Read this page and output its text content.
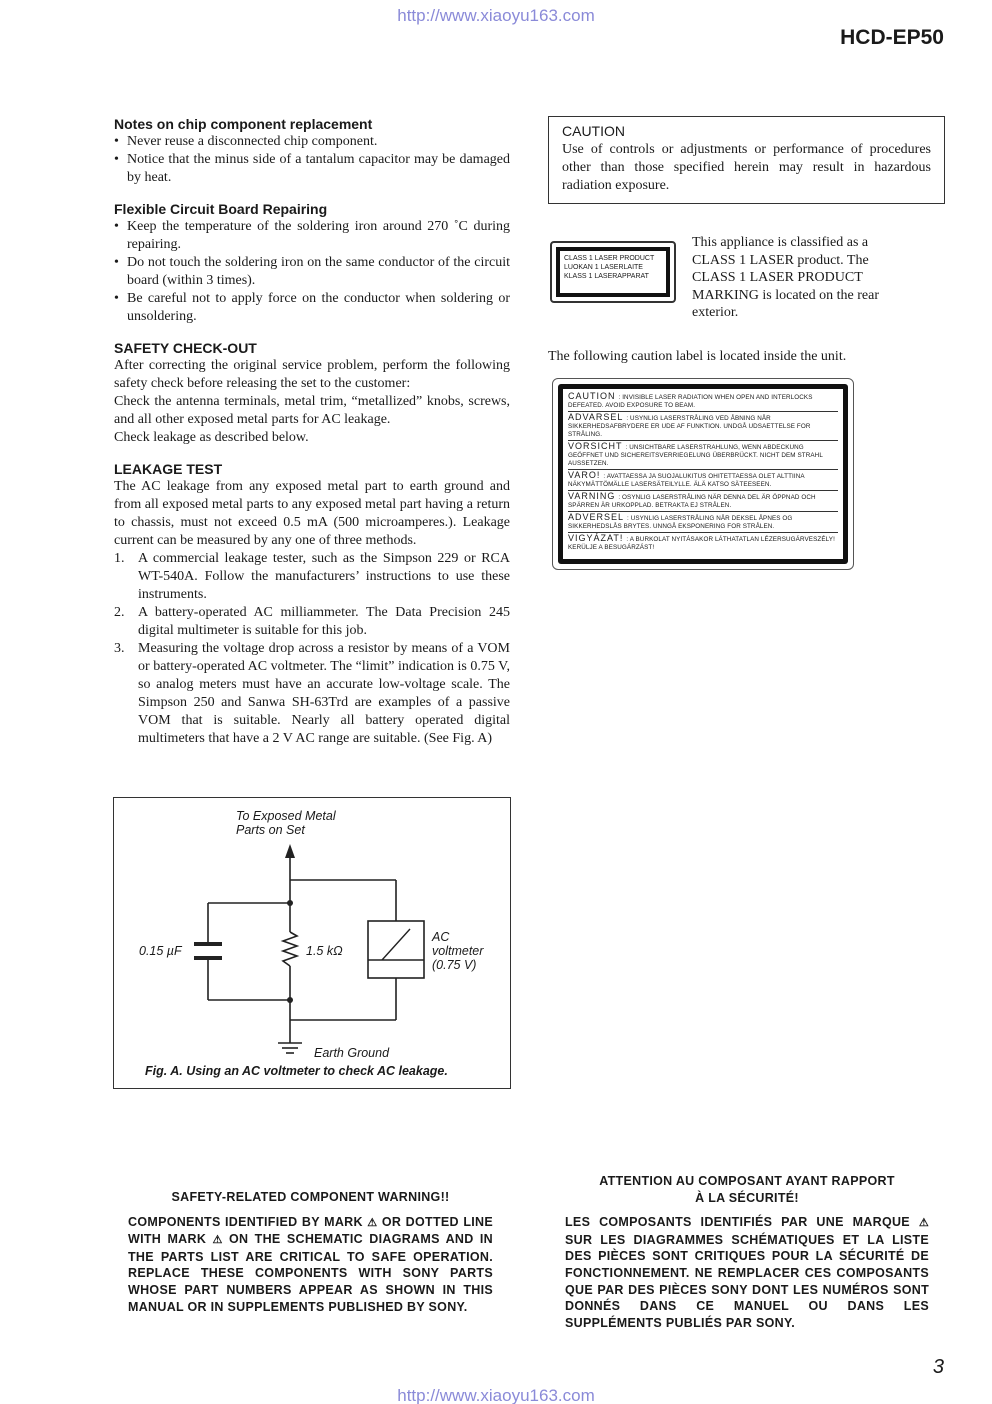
http://www.xiaoyu163.com
HCD-EP50
Notes on chip component replacement
• Never reuse a disconnected chip component.
• Notice that the minus side of a tantalum capacitor may be damaged by heat.
Flexible Circuit Board Repairing
• Keep the temperature of the soldering iron around 270 ˚C during repairing.
• Do not touch the soldering iron on the same conductor of the circuit board (within 3 times).
• Be careful not to apply force on the conductor when soldering or unsoldering.
SAFETY CHECK-OUT

After correcting the original service problem, perform the following safety check before releasing the set to the customer:

Check the antenna terminals, metal trim, “metallized” knobs, screws, and all other exposed metal parts for AC leakage.

Check leakage as described below.

LEAKAGE TEST

The AC leakage from any exposed metal part to earth ground and from all exposed metal parts to any exposed metal part having a return to chassis, must not exceed 0.5 mA (500 microamperes.). Leakage current can be measured by any one of three methods.

1. A commercial leakage tester, such as the Simpson 229 or RCA WT-540A. Follow the manufacturers’ instructions to use these instruments.
2. A battery-operated AC milliammeter. The Data Precision 245 digital multimeter is suitable for this job.
3. Measuring the voltage drop across a resistor by means of a VOM or battery-operated AC voltmeter. The “limit” indication is 0.75 V, so analog meters must have an accurate low-voltage scale. The Simpson 250 and Sanwa SH-63Trd are examples of a passive VOM that is suitable. Nearly all battery operated digital multimeters that have a 2 V AC range are suitable. (See Fig. A)
To Exposed Metal
Parts on Set
0.15 µF	1.5 kΩ
AC
voltmeter
(0.75 V)
Earth Ground
Fig. A. Using an AC voltmeter to check AC leakage.
CAUTION

Use of controls or adjustments or performance of procedures other than those specified herein may result in hazardous radiation exposure.

CLASS 1 LASER PRODUCT
LUOKAN 1 LASERLAITE
KLASS 1 LASERAPPARAT
This appliance is classified as a CLASS 1 LASER product. The CLASS 1 LASER PRODUCT MARKING is located on the rear exterior.
The following caution label is located inside the unit.
CAUTION : INVISIBLE LASER RADIATION WHEN OPEN AND INTERLOCKS DEFEATED. AVOID EXPOSURE TO BEAM.
ADVARSEL : USYNLIG LASERSTRÅLING VED ÅBNING NÅR SIKKERHEDSAFBRYDERE ER UDE AF FUNKTION. UNDGÅ UDSAETTELSE FOR STRÅLING.
VORSICHT : UNSICHTBARE LASERSTRAHLUNG, WENN ABDECKUNG GEÖFFNET UND SICHEREITSVERRIEGELUNG ÜBERBRÜCKT. NICHT DEM STRAHL AUSSETZEN.
VARO! : AVATTAESSA JA SUOJALUKITUS OHITETTAESSA OLET ALTTIINA NÄKYMÄTTÖMÄLLE LASERSÄTEILYLLE. ÄLÄ KATSO SÄTEESEEN.
VARNING : OSYNLIG LASERSTRÅLING NÄR DENNA DEL ÄR ÖPPNAD OCH SPÄRREN ÄR URKOPPLAD. BETRAKTA EJ STRÅLEN.
ADVERSEL : USYNLIG LASERSTRÅLING NÅR DEKSEL ÅPNES OG SIKKERHEDSLÅS BRYTES. UNNGÅ EKSPONERING FOR STRÅLEN.
VIGYÁZAT! : A BURKOLAT NYITÁSAKOR LÁTHATATLAN LÉZERSUGÁRVESZÉLY! KERÜLJE A BESUGÁRZÁST!
SAFETY-RELATED COMPONENT WARNING!!
COMPONENTS IDENTIFIED BY MARK ⚠ OR DOTTED LINE WITH MARK ⚠ ON THE SCHEMATIC DIAGRAMS AND IN THE PARTS LIST ARE CRITICAL TO SAFE OPERATION. REPLACE THESE COMPONENTS WITH SONY PARTS WHOSE PART NUMBERS APPEAR AS SHOWN IN THIS MANUAL OR IN SUPPLEMENTS PUBLISHED BY SONY.
ATTENTION AU COMPOSANT AYANT RAPPORT
À LA SÉCURITÉ!
LES COMPOSANTS IDENTIFIÉS PAR UNE MARQUE ⚠ SUR LES DIAGRAMMES SCHÉMATIQUES ET LA LISTE DES PIÈCES SONT CRITIQUES POUR LA SÉCURITÉ DE FONCTIONNEMENT. NE REMPLACER CES COMPOSANTS QUE PAR DES PIÈCES SONY DONT LES NUMÉROS SONT DONNÉS DANS CE MANUEL OU DANS LES SUPPLÉMENTS PUBLIÉS PAR SONY.
3
http://www.xiaoyu163.com
